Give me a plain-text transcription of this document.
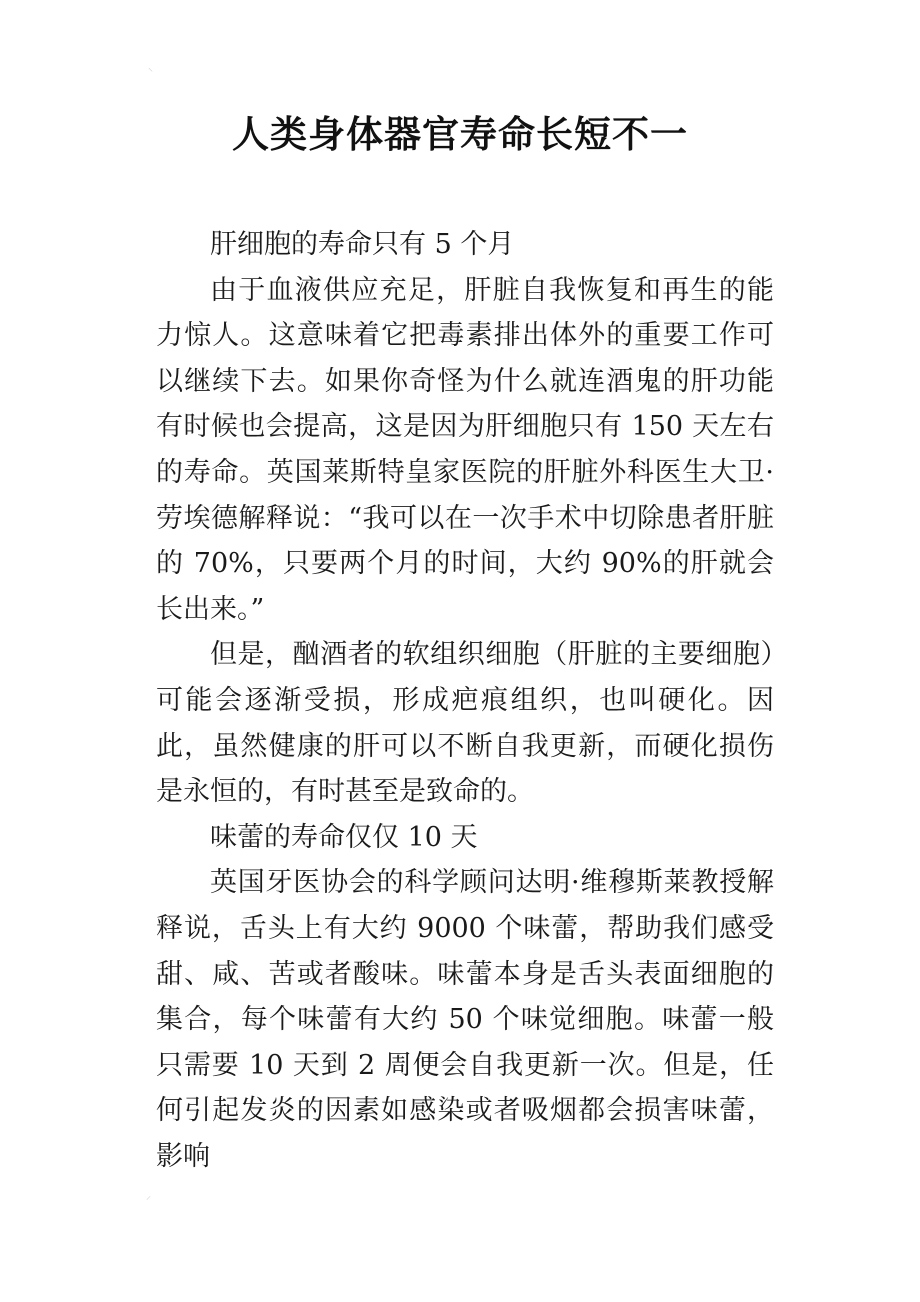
⸌
人类身体器官寿命长短不一

肝细胞的寿命只有 5 个月

由于血液供应充足，肝脏自我恢复和再生的能力惊人。这意味着它把毒素排出体外的重要工作可以继续下去。如果你奇怪为什么就连酒鬼的肝功能有时候也会提高，这是因为肝细胞只有 150 天左右的寿命。英国莱斯特皇家医院的肝脏外科医生大卫·劳埃德解释说：“我可以在一次手术中切除患者肝脏的 70%，只要两个月的时间，大约 90%的肝就会长出来。”

但是，酗酒者的软组织细胞（肝脏的主要细胞）可能会逐渐受损，形成疤痕组织，也叫硬化。因此，虽然健康的肝可以不断自我更新，而硬化损伤是永恒的，有时甚至是致命的。

味蕾的寿命仅仅 10 天

英国牙医协会的科学顾问达明·维穆斯莱教授解释说，舌头上有大约 9000 个味蕾，帮助我们感受甜、咸、苦或者酸味。味蕾本身是舌头表面细胞的集合，每个味蕾有大约 50 个味觉细胞。味蕾一般只需要 10 天到 2 周便会自我更新一次。但是，任何引起发炎的因素如感染或者吸烟都会损害味蕾，影响

⸝
